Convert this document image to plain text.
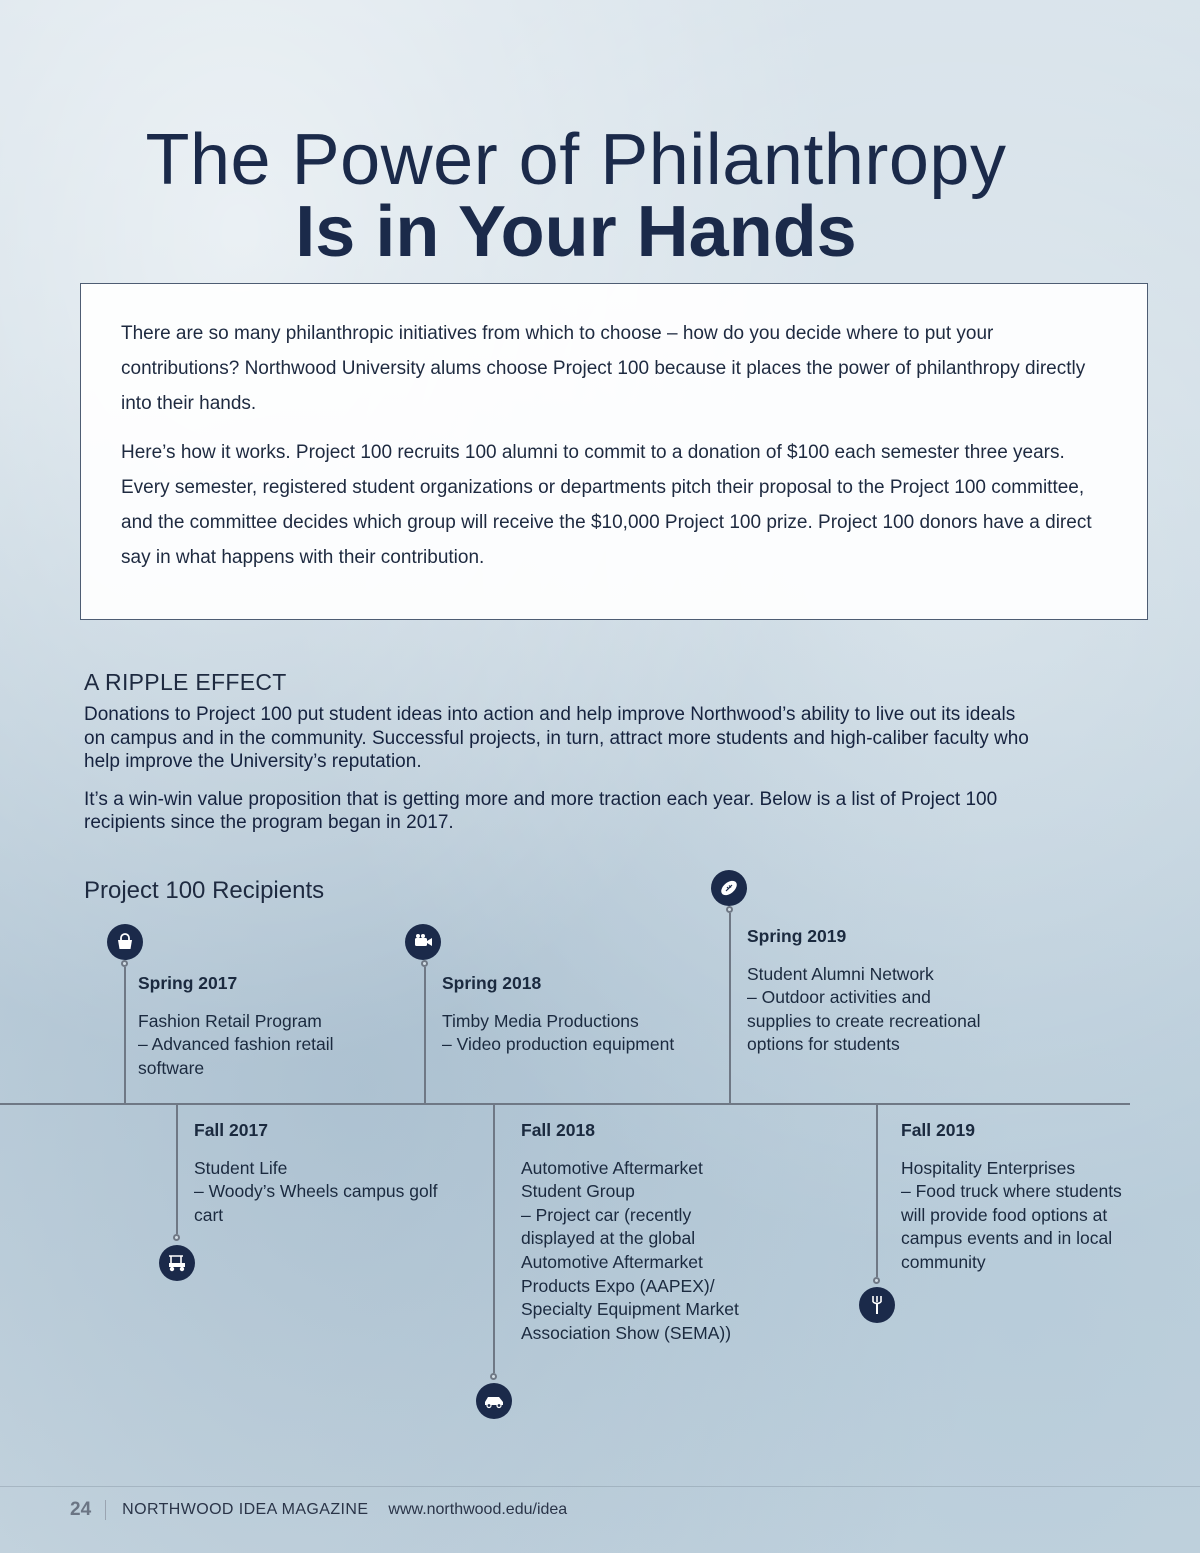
The Power of Philanthropy
Is in Your Hands

There are so many philanthropic initiatives from which to choose – how do you decide where to put your contributions? Northwood University alums choose Project 100 because it places the power of philanthropy directly into their hands.

Here’s how it works. Project 100 recruits 100 alumni to commit to a donation of $100 each semester three years. Every semester, registered student organizations or departments pitch their proposal to the Project 100 committee, and the committee decides which group will receive the $10,000 Project 100 prize. Project 100 donors have a direct say in what happens with their contribution.

A RIPPLE EFFECT

Donations to Project 100 put student ideas into action and help improve Northwood’s ability to live out its ideals on campus and in the community. Successful projects, in turn, attract more students and high-caliber faculty who help improve the University’s reputation.

It’s a win-win value proposition that is getting more and more traction each year. Below is a list of Project 100 recipients since the program began in 2017.

Project 100 Recipients
Spring 2017
Fashion Retail Program
– Advanced fashion retail software
Fall 2017
Student Life
– Woody’s Wheels campus golf cart
Spring 2018
Timby Media Productions
– Video production equipment
Fall 2018
Automotive Aftermarket Student Group
– Project car (recently displayed at the global Automotive Aftermarket Products Expo (AAPEX)/ Specialty Equipment Market Association Show (SEMA))
Spring 2019
Student Alumni Network
– Outdoor activities and supplies to create recreational options for students
Fall 2019
Hospitality Enterprises
– Food truck where students will provide food options at campus events and in local community
24 NORTHWOOD IDEA MAGAZINE www.northwood.edu/idea
